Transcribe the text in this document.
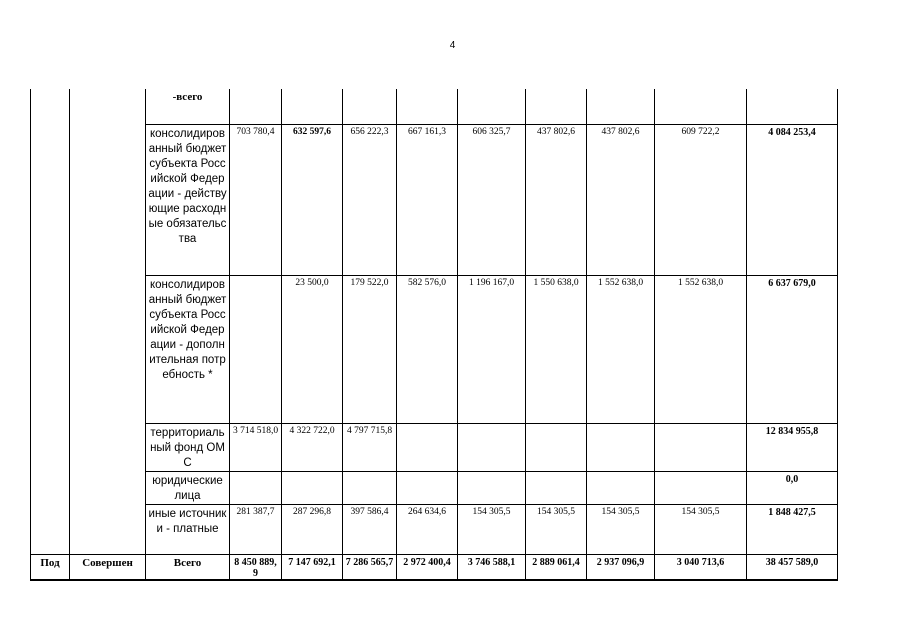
4
		-всего									
		консолидированный бюджет субъекта Российской Федерации - действующие расходные обязательства	703 780,4	632 597,6	656 222,3	667 161,3	606 325,7	437 802,6	437 802,6	609 722,2	4 084 253,4
		консолидированный бюджет субъекта Российской Федерации - дополнительная потребность *		23 500,0	179 522,0	582 576,0	1 196 167,0	1 550 638,0	1 552 638,0	1 552 638,0	6 637 679,0
		территориальный фонд ОМС	3 714 518,0	4 322 722,0	4 797 715,8						12 834 955,8
		юридические лица									0,0
		иные источники - платные	281 387,7	287 296,8	397 586,4	264 634,6	154 305,5	154 305,5	154 305,5	154 305,5	1 848 427,5
Под	Совершен	Всего	8 450 889,9	7 147 692,1	7 286 565,7	2 972 400,4	3 746 588,1	2 889 061,4	2 937 096,9	3 040 713,6	38 457 589,0
